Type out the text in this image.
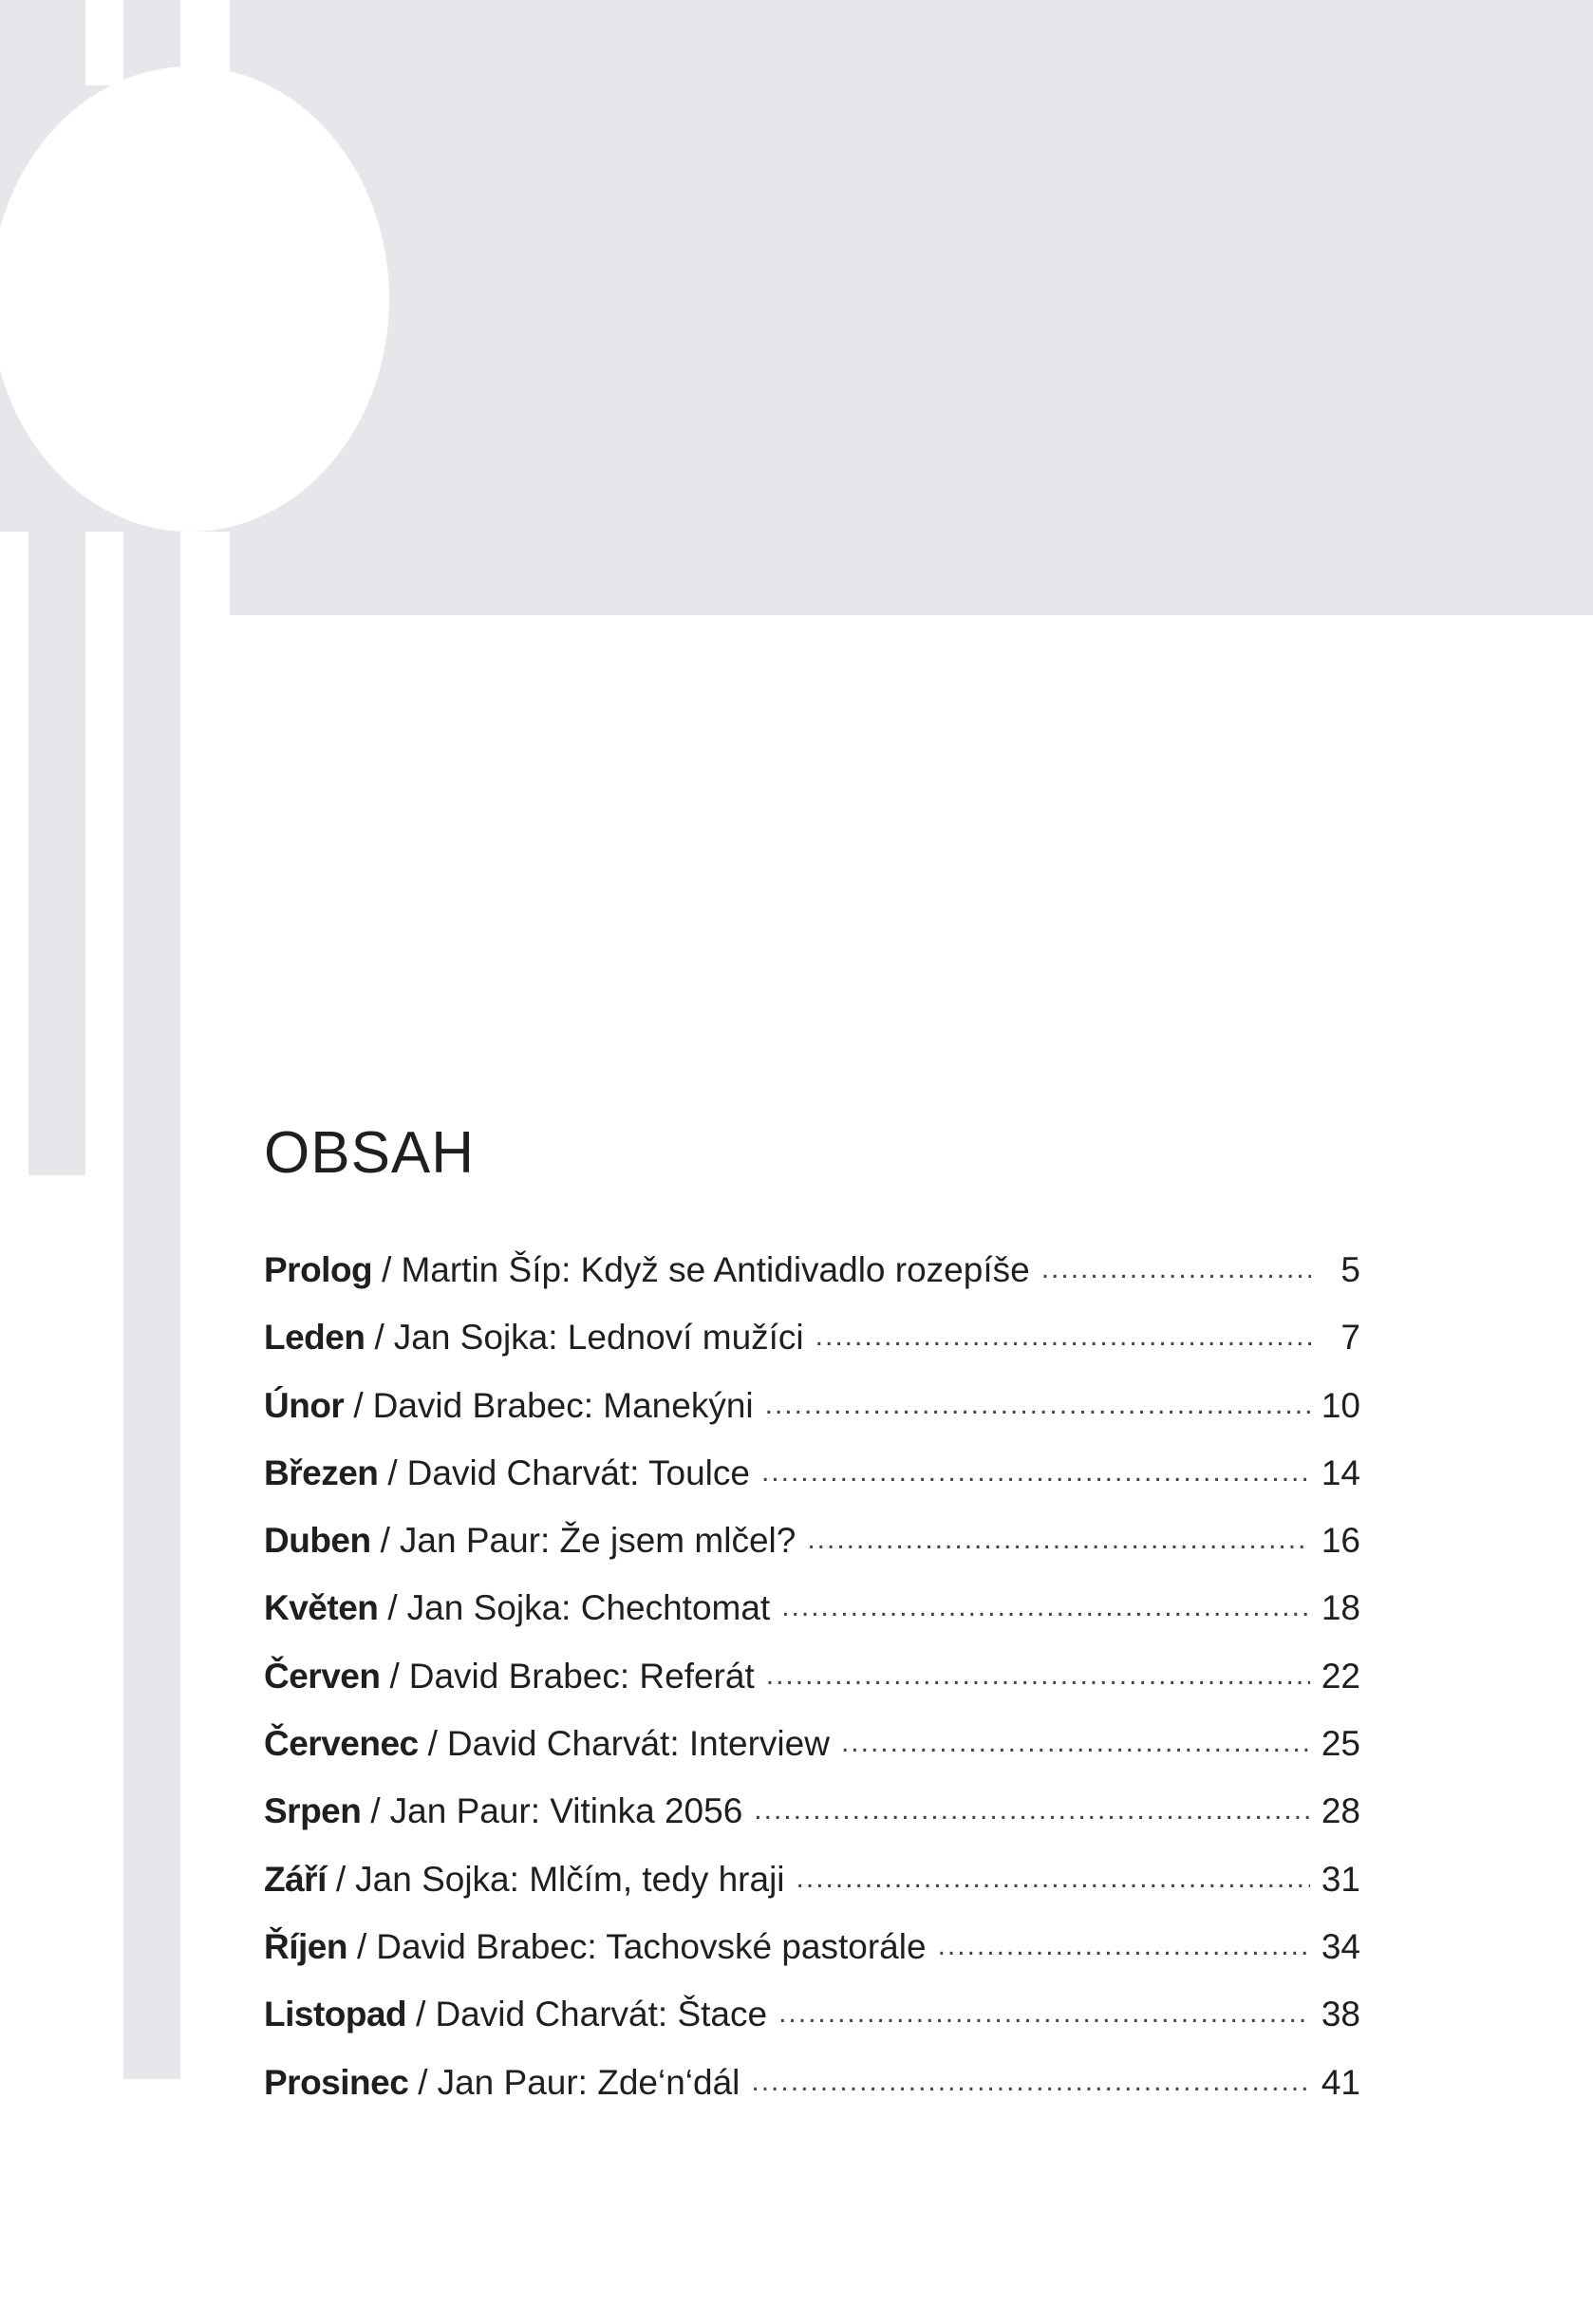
OBSAH
Prolog / Martin Šíp: Když se Antidivadlo rozepíše .....	5
Leden / Jan Sojka: Lednoví mužíci .....	7
Únor / David Brabec: Manekýni .....	10
Březen / David Charvát: Toulce .....	14
Duben / Jan Paur: Že jsem mlčel? .....	16
Květen / Jan Sojka: Chechtomat .....	18
Červen / David Brabec: Referát .....	22
Červenec / David Charvát: Interview .....	25
Srpen / Jan Paur: Vitinka 2056 .....	28
Září / Jan Sojka: Mlčím, tedy hraji .....	31
Říjen / David Brabec: Tachovské pastorále .....	34
Listopad / David Charvát: Štace .....	38
Prosinec / Jan Paur: Zde‘n‘dál .....	41
